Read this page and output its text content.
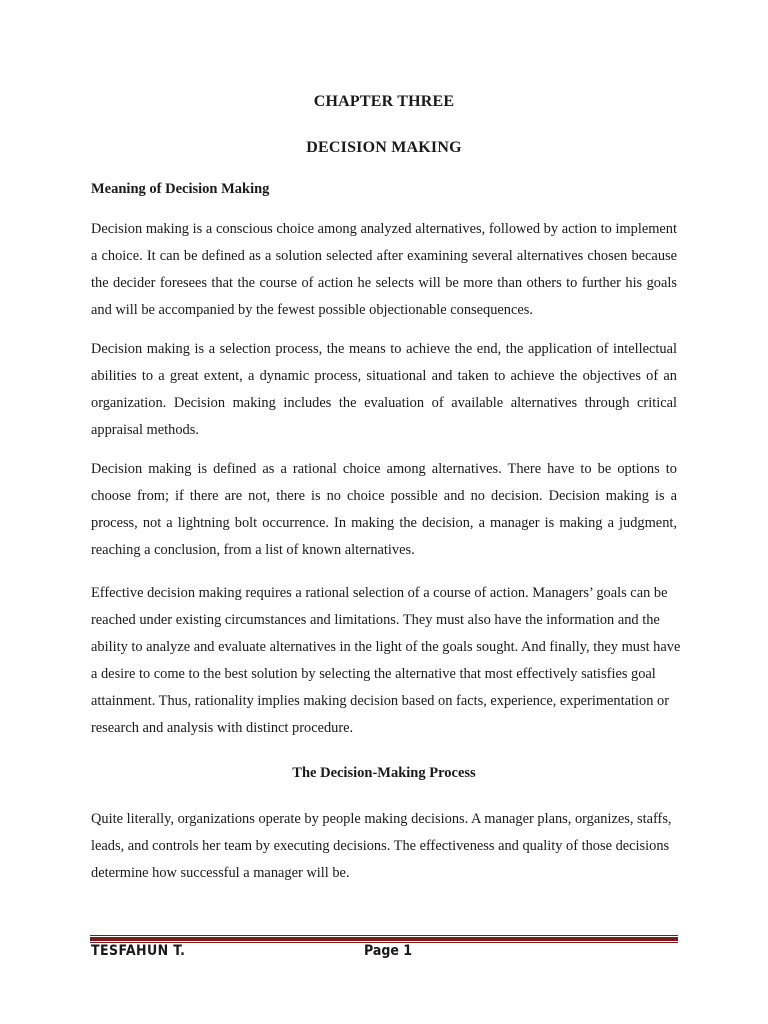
CHAPTER THREE
DECISION MAKING
Meaning of Decision Making

Decision making is a conscious choice among analyzed alternatives, followed by action to implement a choice. It can be defined as a solution selected after examining several alternatives chosen because the decider foresees that the course of action he selects will be more than others to further his goals and will be accompanied by the fewest possible objectionable consequences.

Decision making is a selection process, the means to achieve the end, the application of intellectual abilities to a great extent, a dynamic process, situational and taken to achieve the objectives of an organization. Decision making includes the evaluation of available alternatives through critical appraisal methods.

Decision making is defined as a rational choice among alternatives. There have to be options to choose from; if there are not, there is no choice possible and no decision. Decision making is a process, not a lightning bolt occurrence. In making the decision, a manager is making a judgment, reaching a conclusion, from a list of known alternatives.

Effective decision making requires a rational selection of a course of action. Managers’ goals can be reached under existing circumstances and limitations. They must also have the information and the ability to analyze and evaluate alternatives in the light of the goals sought. And finally, they must have a desire to come to the best solution by selecting the alternative that most effectively satisfies goal attainment. Thus, rationality implies making decision based on facts, experience, experimentation or research and analysis with distinct procedure.

The Decision-Making Process

Quite literally, organizations operate by people making decisions. A manager plans, organizes, staffs, leads, and controls her team by executing decisions. The effectiveness and quality of those decisions determine how successful a manager will be.

TESFAHUN T.	Page 1
